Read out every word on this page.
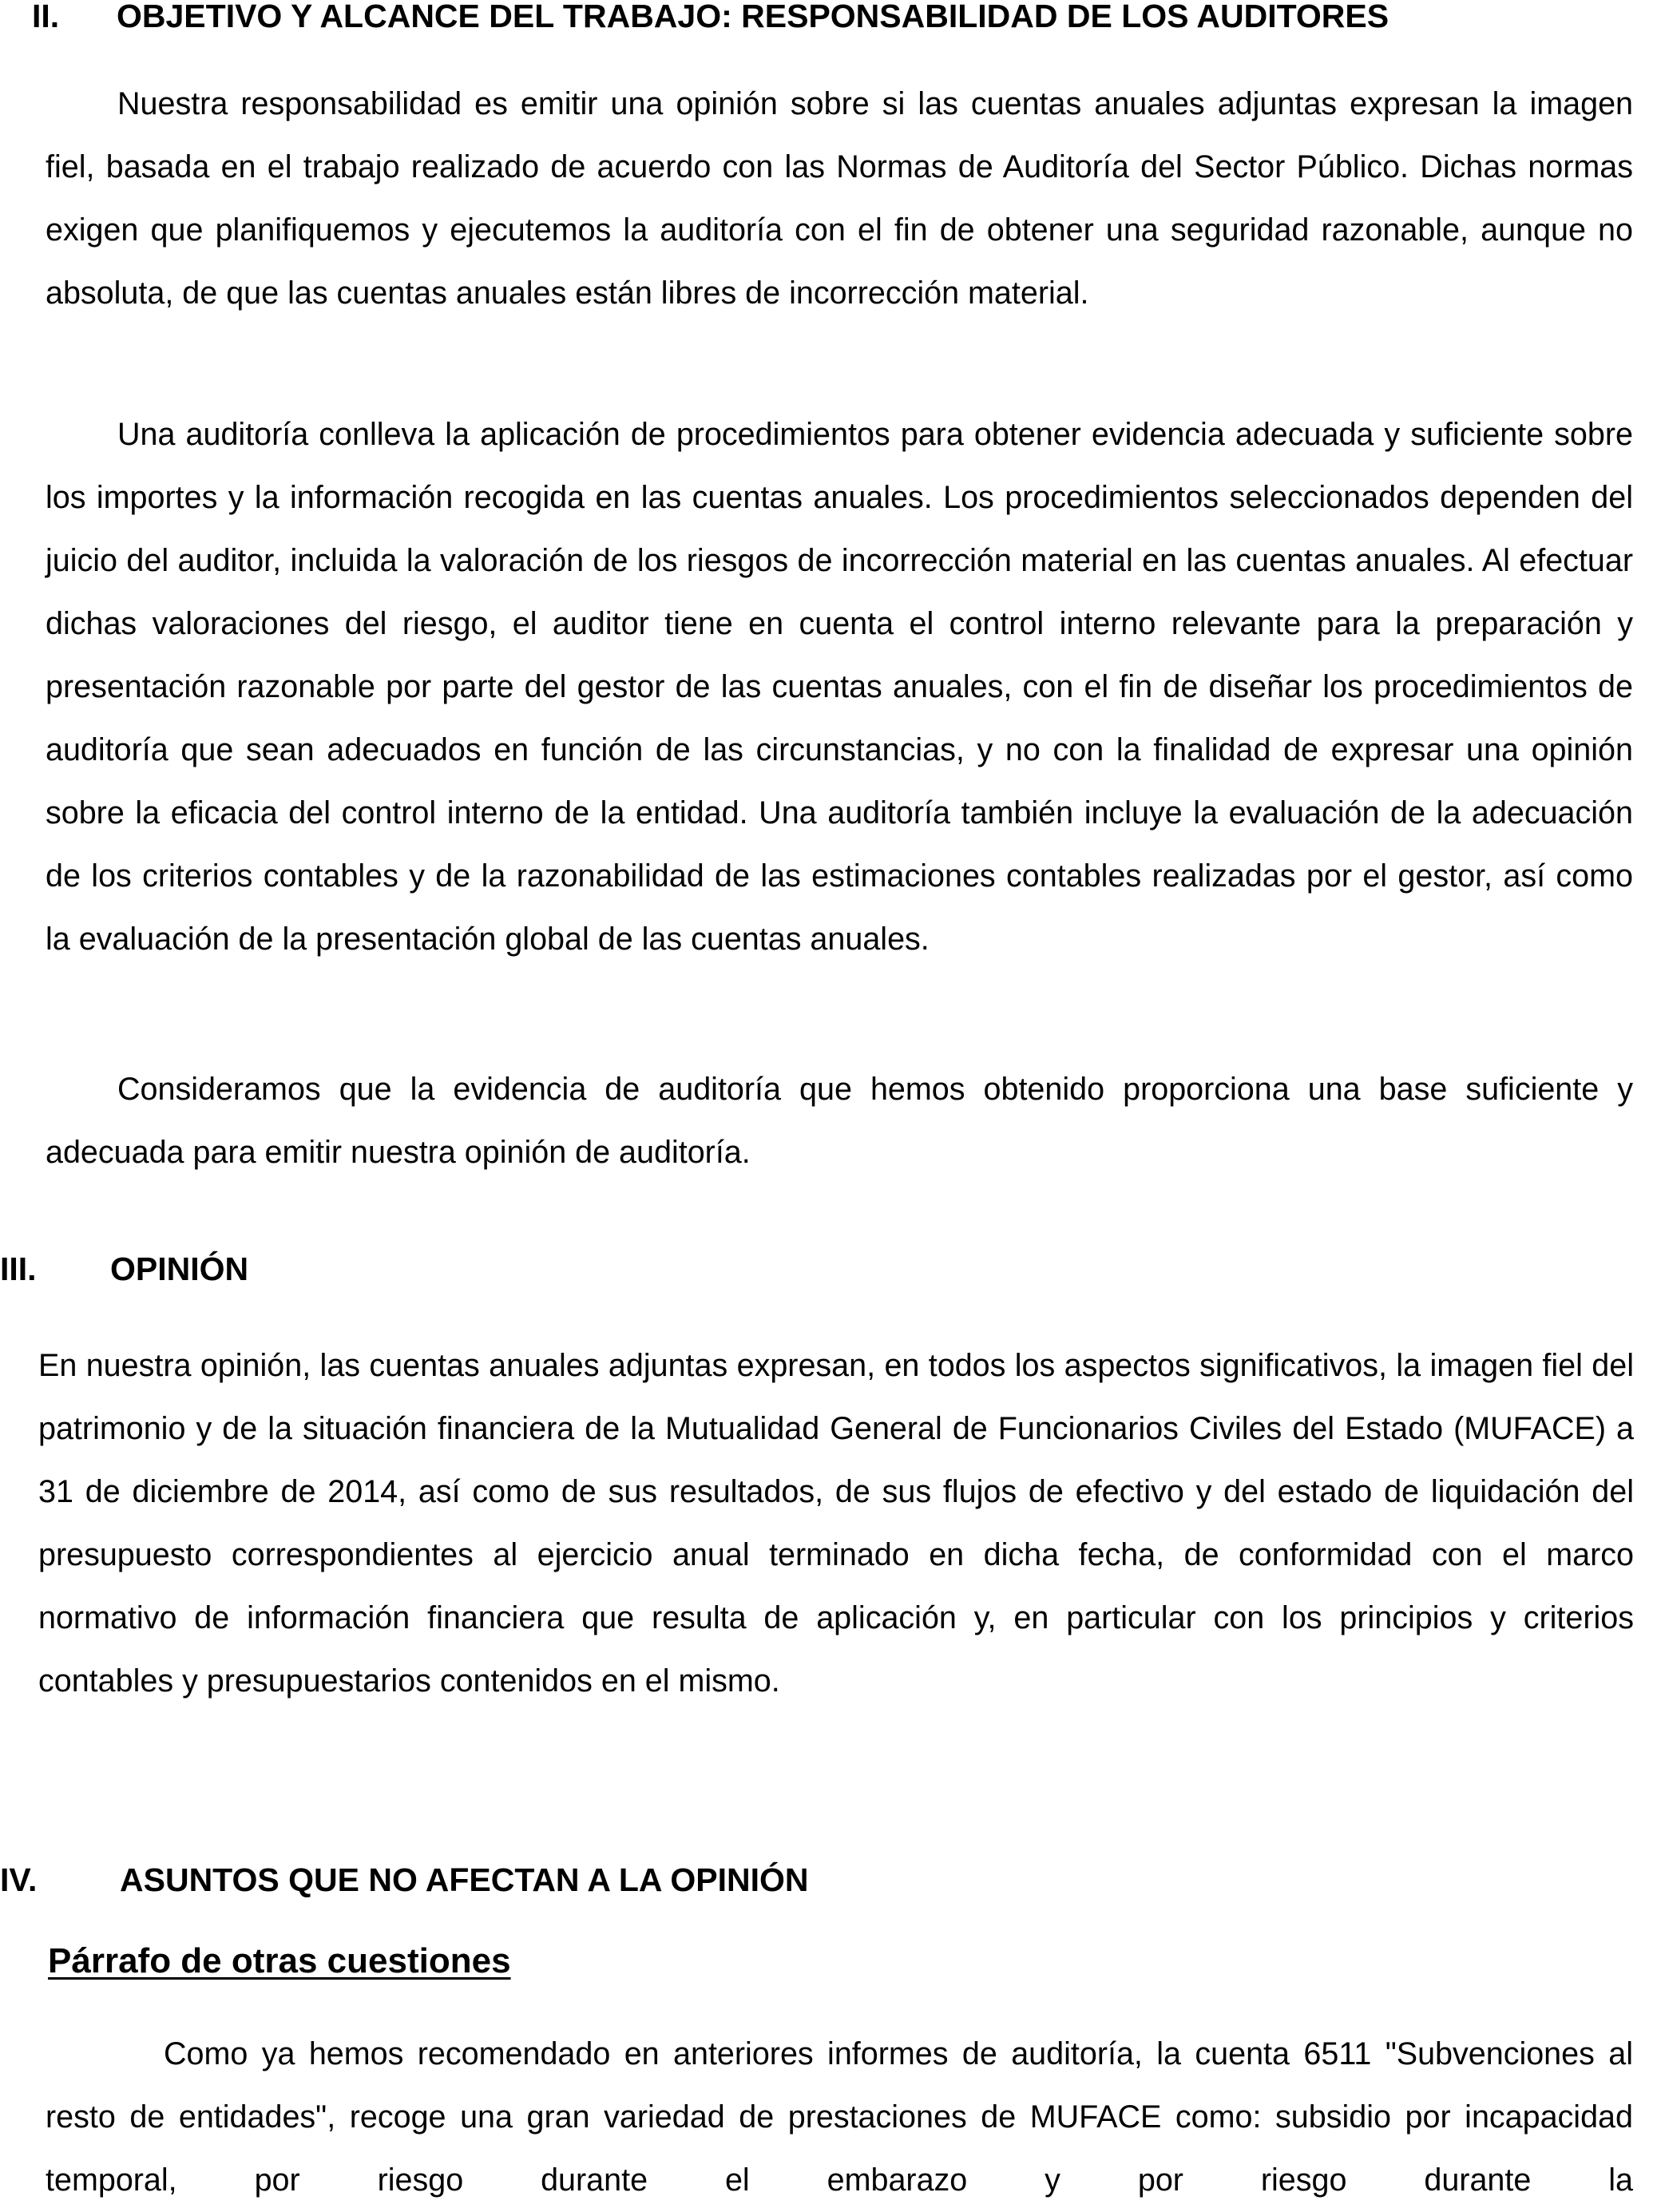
II. OBJETIVO Y ALCANCE DEL TRABAJO: RESPONSABILIDAD DE LOS AUDITORES

Nuestra responsabilidad es emitir una opinión sobre si las cuentas anuales adjuntas expresan la imagen fiel, basada en el trabajo realizado de acuerdo con las Normas de Auditoría del Sector Público. Dichas normas exigen que planifiquemos y ejecutemos la auditoría con el fin de obtener una seguridad razonable, aunque no absoluta, de que las cuentas anuales están libres de incorrección material.

Una auditoría conlleva la aplicación de procedimientos para obtener evidencia adecuada y suficiente sobre los importes y la información recogida en las cuentas anuales. Los procedimientos seleccionados dependen del juicio del auditor, incluida la valoración de los riesgos de incorrección material en las cuentas anuales. Al efectuar dichas valoraciones del riesgo, el auditor tiene en cuenta el control interno relevante para la preparación y presentación razonable por parte del gestor de las cuentas anuales, con el fin de diseñar los procedimientos de auditoría que sean adecuados en función de las circunstancias, y no con la finalidad de expresar una opinión sobre la eficacia del control interno de la entidad. Una auditoría también incluye la evaluación de la adecuación de los criterios contables y de la razonabilidad de las estimaciones contables realizadas por el gestor, así como la evaluación de la presentación global de las cuentas anuales.

Consideramos que la evidencia de auditoría que hemos obtenido proporciona una base suficiente y adecuada para emitir nuestra opinión de auditoría.

III. OPINIÓN

En nuestra opinión, las cuentas anuales adjuntas expresan, en todos los aspectos significativos, la imagen fiel del patrimonio y de la situación financiera de la Mutualidad General de Funcionarios Civiles del Estado (MUFACE) a 31 de diciembre de 2014, así como de sus resultados, de sus flujos de efectivo y del estado de liquidación del presupuesto correspondientes al ejercicio anual terminado en dicha fecha, de conformidad con el marco normativo de información financiera que resulta de aplicación y, en particular con los principios y criterios contables y presupuestarios contenidos en el mismo.

IV.	ASUNTOS QUE NO AFECTAN A LA OPINIÓN
Párrafo de otras cuestiones

Como ya hemos recomendado en anteriores informes de auditoría, la cuenta 6511 "Subvenciones al resto de entidades", recoge una gran variedad de prestaciones de MUFACE como: subsidio por incapacidad temporal, por riesgo durante el embarazo y por riesgo durante la
